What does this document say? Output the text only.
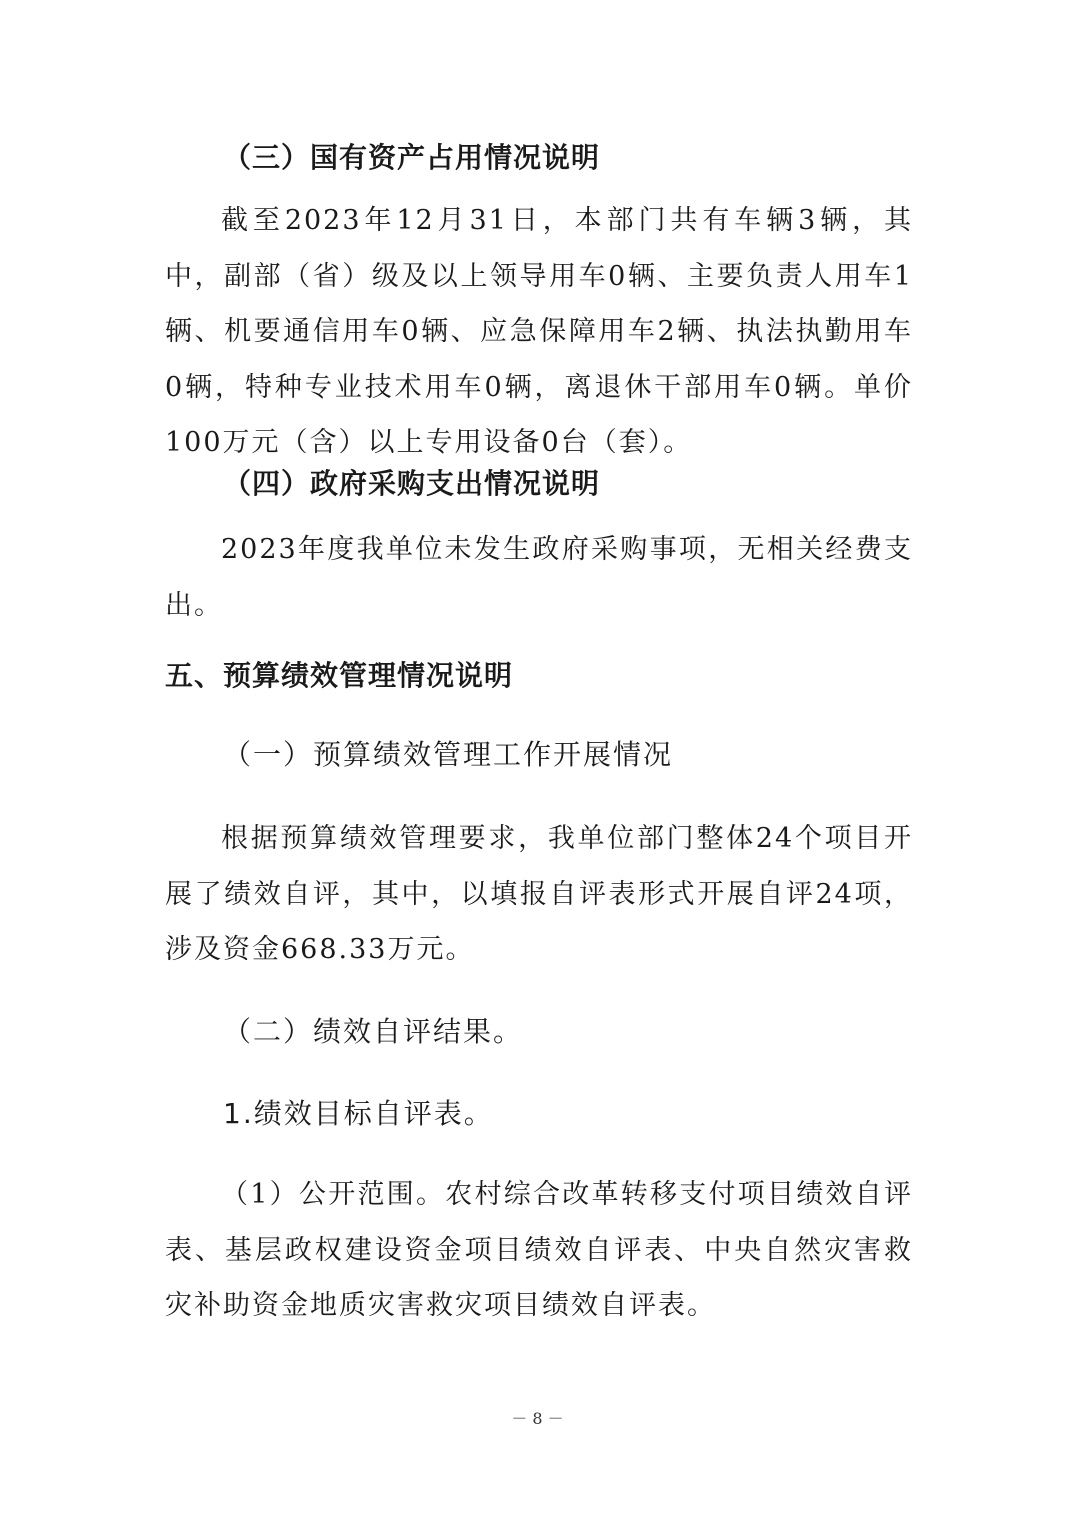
（三）国有资产占用情况说明

截至2023年12月31日，本部门共有车辆3辆，其中，副部（省）级及以上领导用车0辆、主要负责人用车1辆、机要通信用车0辆、应急保障用车2辆、执法执勤用车0辆，特种专业技术用车0辆，离退休干部用车0辆。单价100万元（含）以上专用设备0台（套）。

（四）政府采购支出情况说明

2023年度我单位未发生政府采购事项，无相关经费支出。

五、预算绩效管理情况说明
（一）预算绩效管理工作开展情况

根据预算绩效管理要求，我单位部门整体24个项目开展了绩效自评，其中，以填报自评表形式开展自评24项，涉及资金668.33万元。

（二）绩效自评结果。
1.绩效目标自评表。

（1）公开范围。农村综合改革转移支付项目绩效自评表、基层政权建设资金项目绩效自评表、中央自然灾害救灾补助资金地质灾害救灾项目绩效自评表。

－ 8 －
